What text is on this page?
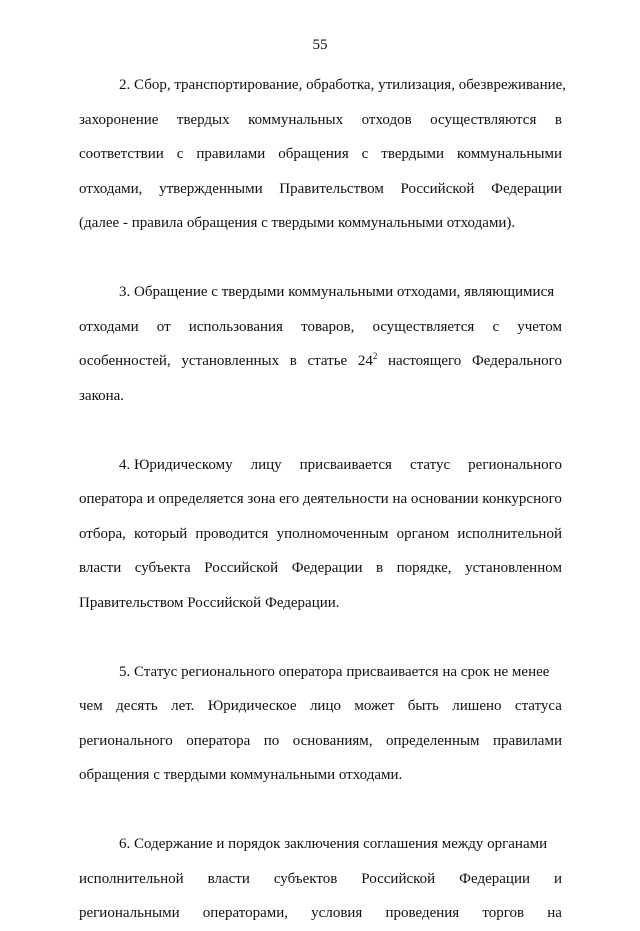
55
2. Сбор, транспортирование, обработка, утилизация, обезвреживание,
захоронение твердых коммунальных отходов осуществляются в
соответствии с правилами обращения с твердыми коммунальными
отходами, утвержденными Правительством Российской Федерации
(далее - правила обращения с твердыми коммунальными отходами).
3. Обращение с твердыми коммунальными отходами, являющимися
отходами от использования товаров, осуществляется с учетом
особенностей, установленных в статье $24^2$ настоящего Федерального
закона.
4. Юридическому лицу присваивается статус регионального
оператора и определяется зона его деятельности на основании конкурсного
отбора, который проводится уполномоченным органом исполнительной
власти субъекта Российской Федерации в порядке, установленном
Правительством Российской Федерации.
5. Статус регионального оператора присваивается на срок не менее
чем десять лет. Юридическое лицо может быть лишено статуса
регионального оператора по основаниям, определенным правилами
обращения с твердыми коммунальными отходами.
6. Содержание и порядок заключения соглашения между органами
исполнительной власти субъектов Российской Федерации и
региональными операторами, условия проведения торгов на
